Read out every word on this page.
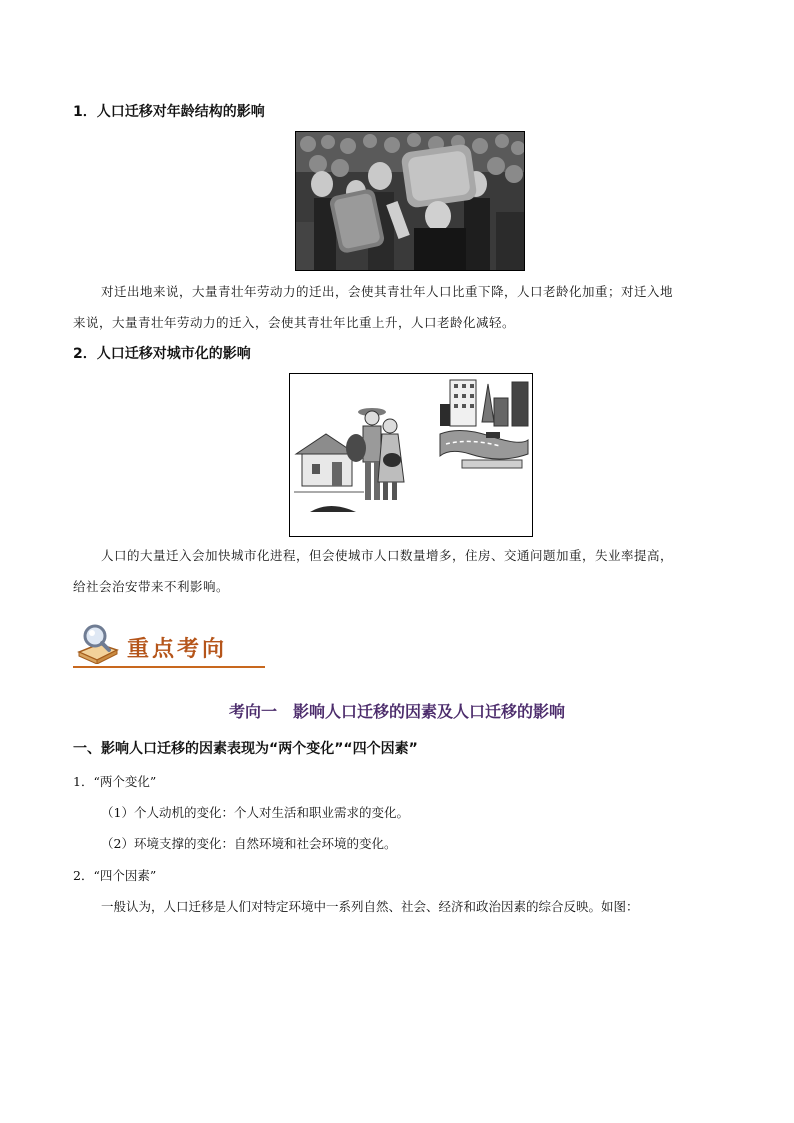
1．人口迁移对年龄结构的影响
对迁出地来说，大量青壮年劳动力的迁出，会使其青壮年人口比重下降，人口老龄化加重；对迁入地
来说，大量青壮年劳动力的迁入，会使其青壮年比重上升，人口老龄化减轻。
2．人口迁移对城市化的影响
人口的大量迁入会加快城市化进程，但会使城市人口数量增多，住房、交通问题加重，失业率提高，
给社会治安带来不利影响。
重点考向
考向一　影响人口迁移的因素及人口迁移的影响
一、影响人口迁移的因素表现为“两个变化”“四个因素”
1．“两个变化”
（1）个人动机的变化：个人对生活和职业需求的变化。
（2）环境支撑的变化：自然环境和社会环境的变化。
2．“四个因素”
一般认为，人口迁移是人们对特定环境中一系列自然、社会、经济和政治因素的综合反映。如图：
